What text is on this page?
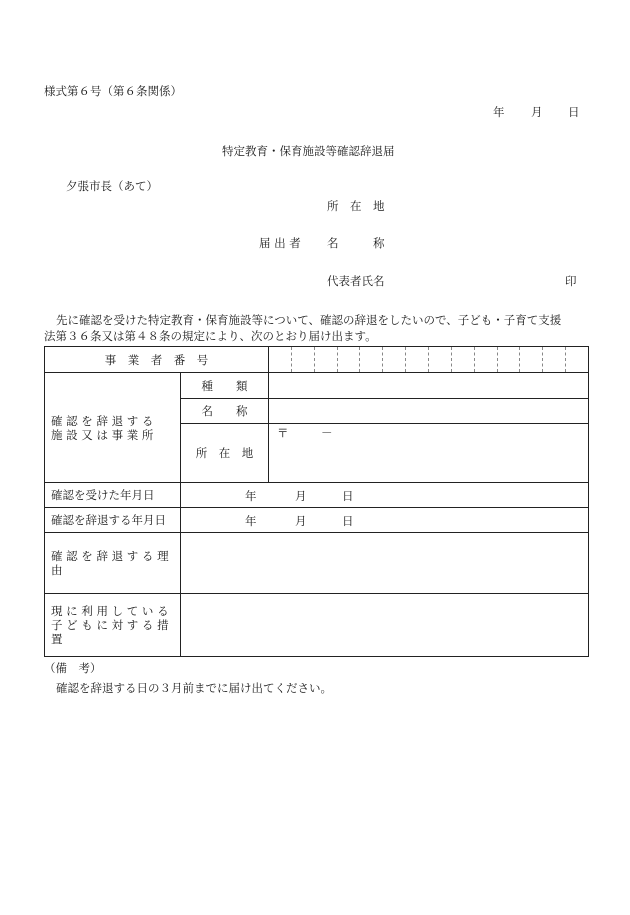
様式第６号（第６条関係）
年 月 日
特定教育・保育施設等確認辞退届
夕張市長（あて）
所　在　地
届 出 者 名　　　称
代表者氏名	印
先に確認を受けた特定教育・保育施設等について、確認の辞退をしたいので、子ども・子育て支援
法第３６条又は第４８条の規定により、次のとおり届け出ます。
事　業　者　番　号		

確 認 を 辞 退 す る
施 設 又 は 事 業 所	種　　類	
	名　　称	
	所　在　地	〒 －

確認を受けた年月日	年 月 日	

確認を辞退する年月日	年 月 日	

確 認 を 辞 退 す る 理 由		

現 に 利 用 し て い る
子 ど も に 対 す る 措 置		

（備　考）
確認を辞退する日の３月前までに届け出てください。
